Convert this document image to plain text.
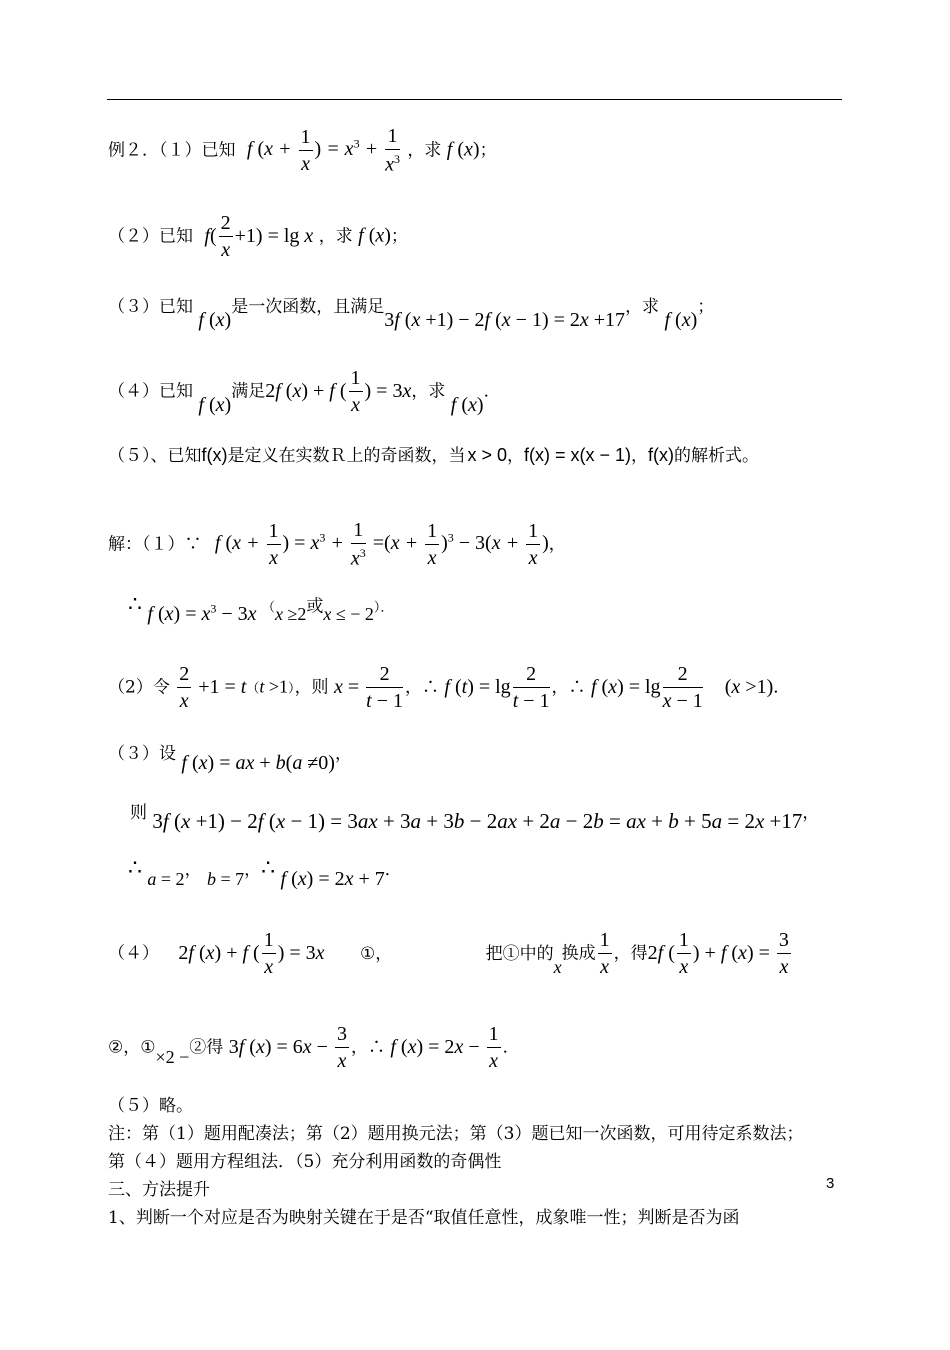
例２．（１）已知 f ($x + \frac{1}{x}$ ) = $x^3 + \frac{1}{x^3}$ ，求 f (x)；
（２）已知 $f( \frac{2}{x} +1) = \lg x$ ，求 f (x)；
（３）已知 f (x)是一次函数，且满足3f (x +1) − 2f (x − 1) = 2x +17，求 f (x)；
（４）已知 f (x)满足2f (x) + f ( $\frac{1}{x}$ ) = 3x，求 f (x)．
（５）、已知f(x)是定义在实数Ｒ上的奇函数，当 x > 0，f(x) = x(x − 1)，f(x)的解析式。
解：（１）∵ f ($x + \frac{1}{x}$ ) = $x^3 + \frac{1}{x^3} =(x + \frac{1}{x} )^3 - 3(x + \frac{1}{x}$ )，
∴ f $(x) = x^3 - 3x$ （x ≥2或x ≤ − 2）．
（2）令 $\frac{2}{x} +1 = t(t >1)$，则 $x = \frac{2}{t - 1}$ ，∴ f $(t) = \lg \frac{2}{t - 1}$ ，∴ f $(x) = \lg \frac{2}{x - 1} (x >1)$．
（３）设 f (x) = ax + b(a ≠0)，
则 3f (x +1) − 2f (x − 1) = 3ax + 3a + 3b − 2ax + 2a − 2b = ax + b + 5a = 2x +17，
∴ a = 2， b = 7，∴ f (x) = 2x + 7．
（４） 2f (x) + f ( $\frac{1}{x}$ ) = 3x ①，	把①中的x换成 $\frac{1}{x}$ ，得2f ( $\frac{1}{x}$ ) + f $(x) = \frac{3}{x}$
②，①×2 −②得 3f $(x) = 6x - \frac{3}{x}$ ，∴ f $(x) = 2x - \frac{1}{x}$ ．
（５）略。
注：第（1）题用配凑法；第（2）题用换元法；第（3）题已知一次函数，可用待定系数法；
第（４）题用方程组法．（5）充分利用函数的奇偶性
三、方法提升
1、判断一个对应是否为映射关键在于是否“取值任意性，成象唯一性；判断是否为函
3
